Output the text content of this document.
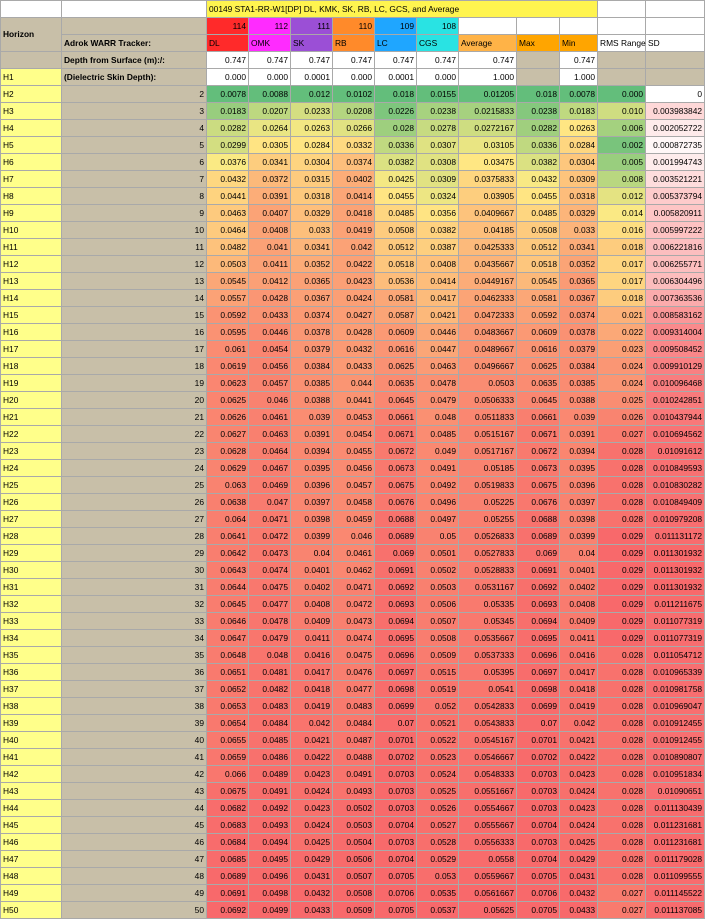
		00149 STA1-RR-W1[DP] DL, KMK, SK, RB, LC, GCS, and Average										
Horizon		114	112	111	110	109	108					
	Adrok WARR Tracker:	DL	OMK	SK	RB	LC	CGS	Average	Max	Min	RMS Range	SD
	Depth from Surface (m):/:	0.747	0.747	0.747	0.747	0.747	0.747	0.747		0.747		
H1	(Dielectric Skin Depth):	0.000	0.000	0.0001	0.000	0.0001	0.000	1.000		1.000		
H2	2	0.0078	0.0088	0.012	0.0102	0.018	0.0155	0.01205	0.018	0.0078	0.000	0
H3	3	0.0183	0.0207	0.0233	0.0208	0.0226	0.0238	0.0215833	0.0238	0.0183	0.010	0.003983842
H4	4	0.0282	0.0264	0.0263	0.0266	0.028	0.0278	0.0272167	0.0282	0.0263	0.006	0.002052722
H5	5	0.0299	0.0305	0.0284	0.0332	0.0336	0.0307	0.03105	0.0336	0.0284	0.002	0.000872735
H6	6	0.0376	0.0341	0.0304	0.0374	0.0382	0.0308	0.03475	0.0382	0.0304	0.005	0.001994743
H7	7	0.0432	0.0372	0.0315	0.0402	0.0425	0.0309	0.0375833	0.0432	0.0309	0.008	0.003521221
H8	8	0.0441	0.0391	0.0318	0.0414	0.0455	0.0324	0.03905	0.0455	0.0318	0.012	0.005373794
H9	9	0.0463	0.0407	0.0329	0.0418	0.0485	0.0356	0.0409667	0.0485	0.0329	0.014	0.005820911
H10	10	0.0464	0.0408	0.033	0.0419	0.0508	0.0382	0.04185	0.0508	0.033	0.016	0.005997222
H11	11	0.0482	0.041	0.0341	0.042	0.0512	0.0387	0.0425333	0.0512	0.0341	0.018	0.006221816
H12	12	0.0503	0.0411	0.0352	0.0422	0.0518	0.0408	0.0435667	0.0518	0.0352	0.017	0.006255771
H13	13	0.0545	0.0412	0.0365	0.0423	0.0536	0.0414	0.0449167	0.0545	0.0365	0.017	0.006304496
H14	14	0.0557	0.0428	0.0367	0.0424	0.0581	0.0417	0.0462333	0.0581	0.0367	0.018	0.007363536
H15	15	0.0592	0.0433	0.0374	0.0427	0.0587	0.0421	0.0472333	0.0592	0.0374	0.021	0.008583162
H16	16	0.0595	0.0446	0.0378	0.0428	0.0609	0.0446	0.0483667	0.0609	0.0378	0.022	0.009314004
H17	17	0.061	0.0454	0.0379	0.0432	0.0616	0.0447	0.0489667	0.0616	0.0379	0.023	0.009508452
H18	18	0.0619	0.0456	0.0384	0.0433	0.0625	0.0463	0.0496667	0.0625	0.0384	0.024	0.009910129
H19	19	0.0623	0.0457	0.0385	0.044	0.0635	0.0478	0.0503	0.0635	0.0385	0.024	0.010096468
H20	20	0.0625	0.046	0.0388	0.0441	0.0645	0.0479	0.0506333	0.0645	0.0388	0.025	0.010242851
H21	21	0.0626	0.0461	0.039	0.0453	0.0661	0.048	0.0511833	0.0661	0.039	0.026	0.010437944
H22	22	0.0627	0.0463	0.0391	0.0454	0.0671	0.0485	0.0515167	0.0671	0.0391	0.027	0.010694562
H23	23	0.0628	0.0464	0.0394	0.0455	0.0672	0.049	0.0517167	0.0672	0.0394	0.028	0.01091612
H24	24	0.0629	0.0467	0.0395	0.0456	0.0673	0.0491	0.05185	0.0673	0.0395	0.028	0.010849593
H25	25	0.063	0.0469	0.0396	0.0457	0.0675	0.0492	0.0519833	0.0675	0.0396	0.028	0.010830282
H26	26	0.0638	0.047	0.0397	0.0458	0.0676	0.0496	0.05225	0.0676	0.0397	0.028	0.010849409
H27	27	0.064	0.0471	0.0398	0.0459	0.0688	0.0497	0.05255	0.0688	0.0398	0.028	0.010979208
H28	28	0.0641	0.0472	0.0399	0.046	0.0689	0.05	0.0526833	0.0689	0.0399	0.029	0.011131172
H29	29	0.0642	0.0473	0.04	0.0461	0.069	0.0501	0.0527833	0.069	0.04	0.029	0.011301932
H30	30	0.0643	0.0474	0.0401	0.0462	0.0691	0.0502	0.0528833	0.0691	0.0401	0.029	0.011301932
H31	31	0.0644	0.0475	0.0402	0.0471	0.0692	0.0503	0.0531167	0.0692	0.0402	0.029	0.011301932
H32	32	0.0645	0.0477	0.0408	0.0472	0.0693	0.0506	0.05335	0.0693	0.0408	0.029	0.011211675
H33	33	0.0646	0.0478	0.0409	0.0473	0.0694	0.0507	0.05345	0.0694	0.0409	0.029	0.011077319
H34	34	0.0647	0.0479	0.0411	0.0474	0.0695	0.0508	0.0535667	0.0695	0.0411	0.029	0.011077319
H35	35	0.0648	0.048	0.0416	0.0475	0.0696	0.0509	0.0537333	0.0696	0.0416	0.028	0.011054712
H36	36	0.0651	0.0481	0.0417	0.0476	0.0697	0.0515	0.05395	0.0697	0.0417	0.028	0.010965339
H37	37	0.0652	0.0482	0.0418	0.0477	0.0698	0.0519	0.0541	0.0698	0.0418	0.028	0.010981758
H38	38	0.0653	0.0483	0.0419	0.0483	0.0699	0.052	0.0542833	0.0699	0.0419	0.028	0.010969047
H39	39	0.0654	0.0484	0.042	0.0484	0.07	0.0521	0.0543833	0.07	0.042	0.028	0.010912455
H40	40	0.0655	0.0485	0.0421	0.0487	0.0701	0.0522	0.0545167	0.0701	0.0421	0.028	0.010912455
H41	41	0.0659	0.0486	0.0422	0.0488	0.0702	0.0523	0.0546667	0.0702	0.0422	0.028	0.010890807
H42	42	0.066	0.0489	0.0423	0.0491	0.0703	0.0524	0.0548333	0.0703	0.0423	0.028	0.010951834
H43	43	0.0675	0.0491	0.0424	0.0493	0.0703	0.0525	0.0551667	0.0703	0.0424	0.028	0.01090651
H44	44	0.0682	0.0492	0.0423	0.0502	0.0703	0.0526	0.0554667	0.0703	0.0423	0.028	0.011130439
H45	45	0.0683	0.0493	0.0424	0.0503	0.0704	0.0527	0.0555667	0.0704	0.0424	0.028	0.011231681
H46	46	0.0684	0.0494	0.0425	0.0504	0.0703	0.0528	0.0556333	0.0703	0.0425	0.028	0.011231681
H47	47	0.0685	0.0495	0.0429	0.0506	0.0704	0.0529	0.0558	0.0704	0.0429	0.028	0.011179028
H48	48	0.0689	0.0496	0.0431	0.0507	0.0705	0.053	0.0559667	0.0705	0.0431	0.028	0.011099555
H49	49	0.0691	0.0498	0.0432	0.0508	0.0706	0.0535	0.0561667	0.0706	0.0432	0.027	0.011145522
H50	50	0.0692	0.0499	0.0433	0.0509	0.0705	0.0537	0.05625	0.0705	0.0433	0.027	0.011137085
